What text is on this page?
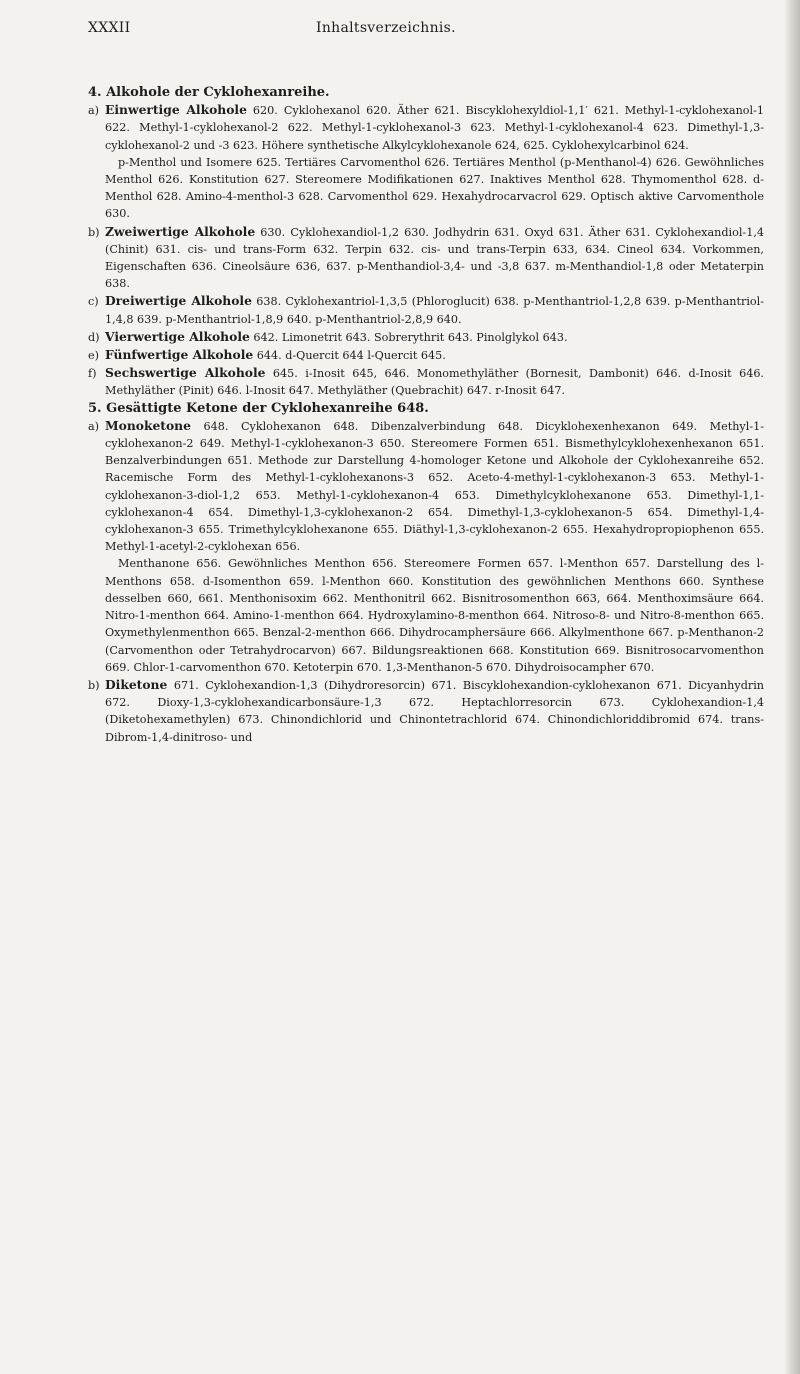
XXXII	Inhaltsverzeichnis.

4. Alkohole der Cyklohexanreihe.

a) Einwertige Alkohole 620. Cyklohexanol 620. Äther 621. Biscyklohexyldiol-1,1′ 621. Methyl-1-cyklohexanol-1 622. Methyl-1-cyklohexanol-2 622. Methyl-1-cyklohexanol-3 623. Methyl-1-cyklohexanol-4 623. Dimethyl-1,3-cyklohexanol-2 und -3 623. Höhere synthetische Alkylcyklohexanole 624, 625. Cyklohexylcarbinol 624.

p-Menthol und Isomere 625. Tertiäres Carvomenthol 626. Tertiäres Menthol (p-Menthanol-4) 626. Gewöhnliches Menthol 626. Konstitution 627. Stereomere Modifikationen 627. Inaktives Menthol 628. Thymomenthol 628. d-Menthol 628. Amino-4-menthol-3 628. Carvomenthol 629. Hexahydrocarvacrol 629. Optisch aktive Carvomenthole 630.

b) Zweiwertige Alkohole 630. Cyklohexandiol-1,2 630. Jodhydrin 631. Oxyd 631. Äther 631. Cyklohexandiol-1,4 (Chinit) 631. cis- und trans-Form 632. Terpin 632. cis- und trans-Terpin 633, 634. Cineol 634. Vorkommen, Eigenschaften 636. Cineolsäure 636, 637. p-Menthandiol-3,4- und -3,8 637. m-Menthandiol-1,8 oder Metaterpin 638.

c) Dreiwertige Alkohole 638. Cyklohexantriol-1,3,5 (Phloroglucit) 638. p-Menthantriol-1,2,8 639. p-Menthantriol-1,4,8 639. p-Menthantriol-1,8,9 640. p-Menthantriol-2,8,9 640.

d) Vierwertige Alkohole 642. Limonetrit 643. Sobrerythrit 643. Pinolglykol 643.

e) Fünfwertige Alkohole 644. d-Quercit 644 l-Quercit 645.

f) Sechswertige Alkohole 645. i-Inosit 645, 646. Monomethyläther (Bornesit, Dambonit) 646. d-Inosit 646. Methyläther (Pinit) 646. l-Inosit 647. Methyläther (Quebrachit) 647. r-Inosit 647.

5. Gesättigte Ketone der Cyklohexanreihe 648.

a) Monoketone 648. Cyklohexanon 648. Dibenzalverbindung 648. Dicyklohexenhexanon 649. Methyl-1-cyklohexanon-2 649. Methyl-1-cyklohexanon-3 650. Stereomere Formen 651. Bismethylcyklohexenhexanon 651. Benzalverbindungen 651. Methode zur Darstellung 4-homologer Ketone und Alkohole der Cyklohexanreihe 652. Racemische Form des Methyl-1-cyklohexanons-3 652. Aceto-4-methyl-1-cyklohexanon-3 653. Methyl-1-cyklohexanon-3-diol-1,2 653. Methyl-1-cyklohexanon-4 653. Dimethylcyklohexanone 653. Dimethyl-1,1-cyklohexanon-4 654. Dimethyl-1,3-cyklohexanon-2 654. Dimethyl-1,3-cyklohexanon-5 654. Dimethyl-1,4-cyklohexanon-3 655. Trimethylcyklohexanone 655. Diäthyl-1,3-cyklohexanon-2 655. Hexahydropropiophenon 655. Methyl-1-acetyl-2-cyklohexan 656.

Menthanone 656. Gewöhnliches Menthon 656. Stereomere Formen 657. l-Menthon 657. Darstellung des l-Menthons 658. d-Isomenthon 659. l-Menthon 660. Konstitution des gewöhnlichen Menthons 660. Synthese desselben 660, 661. Menthonisoxim 662. Menthonitril 662. Bisnitrosomenthon 663, 664. Menthoximsäure 664. Nitro-1-menthon 664. Amino-1-menthon 664. Hydroxylamino-8-menthon 664. Nitroso-8- und Nitro-8-menthon 665. Oxymethylenmenthon 665. Benzal-2-menthon 666. Dihydrocamphersäure 666. Alkylmenthone 667. p-Menthanon-2 (Carvomenthon oder Tetrahydrocarvon) 667. Bildungsreaktionen 668. Konstitution 669. Bisnitrosocarvomenthon 669. Chlor-1-carvomenthon 670. Ketoterpin 670. 1,3-Menthanon-5 670. Dihydroisocampher 670.

b) Diketone 671. Cyklohexandion-1,3 (Dihydroresorcin) 671. Biscyklohexandion-cyklohexanon 671. Dicyanhydrin 672. Dioxy-1,3-cyklohexandicarbonsäure-1,3 672. Heptachlorresorcin 673. Cyklohexandion-1,4 (Diketohexamethylen) 673. Chinondichlorid und Chinontetrachlorid 674. Chinondichloriddibromid 674. trans-Dibrom-1,4-dinitroso- und
